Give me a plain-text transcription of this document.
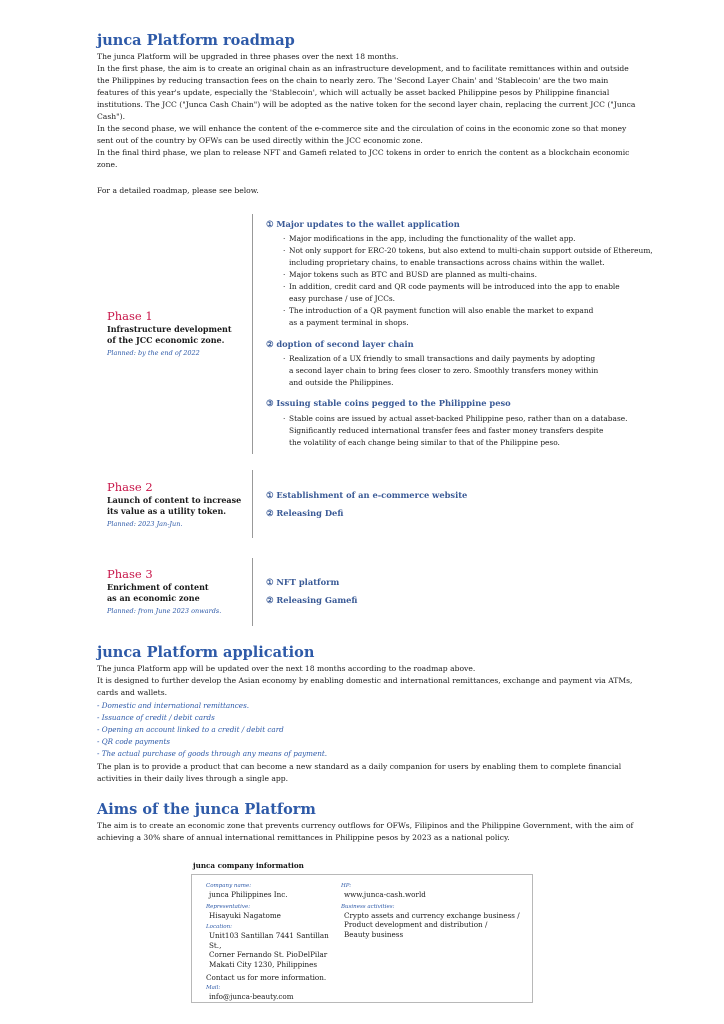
junca Platform roadmap

The junca Platform will be upgraded in three phases over the next 18 months.

In the first phase, the aim is to create an original chain as an infrastructure development, and to facilitate remittances within and outside the Philippines by reducing transaction fees on the chain to nearly zero. The 'Second Layer Chain' and 'Stablecoin' are the two main features of this year's update, especially the 'Stablecoin', which will actually be asset backed Philippine pesos by Philippine financial institutions. The JCC ("Junca Cash Chain") will be adopted as the native token for the second layer chain, replacing the current JCC ("Junca Cash").

In the second phase, we will enhance the content of the e-commerce site and the circulation of coins in the economic zone so that money sent out of the country by OFWs can be used directly within the JCC economic zone.

In the final third phase, we plan to release NFT and Gamefi related to JCC tokens in order to enrich the content as a blockchain economic zone.

For a detailed roadmap, please see below.
Phase 1
Infrastructure development
of the JCC economic zone.
Planned: by the end of 2022
① Major updates to the wallet application
· Major modifications in the app, including the functionality of the wallet app.
· Not only support for ERC-20 tokens, but also extend to multi-chain support outside of Ethereum,
including proprietary chains, to enable transactions across chains within the wallet.
· Major tokens such as BTC and BUSD are planned as multi-chains.
· In addition, credit card and QR code payments will be introduced into the app to enable
easy purchase / use of JCCs.
· The introduction of a QR payment function will also enable the market to expand
as a payment terminal in shops.
② doption of second layer chain
· Realization of a UX friendly to small transactions and daily payments by adopting
a second layer chain to bring fees closer to zero. Smoothly transfers money within
and outside the Philippines.
③ Issuing stable coins pegged to the Philippine peso
· Stable coins are issued by actual asset-backed Philippine peso, rather than on a database.
Significantly reduced international transfer fees and faster money transfers despite
the volatility of each change being similar to that of the Philippine peso.
Phase 2
Launch of content to increase
its value as a utility token.
Planned: 2023 Jan-Jun.
① Establishment of an e-commerce website
② Releasing Defi
Phase 3
Enrichment of content
as an economic zone
Planned: from June 2023 onwards.
① NFT platform
② Releasing Gamefi
junca Platform application

The junca Platform app will be updated over the next 18 months according to the roadmap above.

It is designed to further develop the Asian economy by enabling domestic and international remittances, exchange and payment via ATMs, cards and wallets.

- Domestic and international remittances.
- Issuance of credit / debit cards
- Opening an account linked to a credit / debit card
- QR code payments
- The actual purchase of goods through any means of payment.
The plan is to provide a product that can become a new standard as a daily companion for users by enabling them to complete financial activities in their daily lives through a single app.
Aims of the junca Platform
The aim is to create an economic zone that prevents currency outflows for OFWs, Filipinos and the Philippine Government, with the aim of achieving a 30% share of annual international remittances in Philippine pesos by 2023 as a national policy.
junca company information
Company name:
junca Philippines Inc.
Representative:
Hisayuki Nagatome
Location:
Unit103 Santillan 7441 Santillan St.,
Corner Fernando St. PioDelPilar
Makati City 1230, Philippines
Contact us for more information.
Mail:
info@junca-beauty.com
HP:
www.junca-cash.world
Business activities:
Crypto assets and currency exchange business /
Product development and distribution /
Beauty business
